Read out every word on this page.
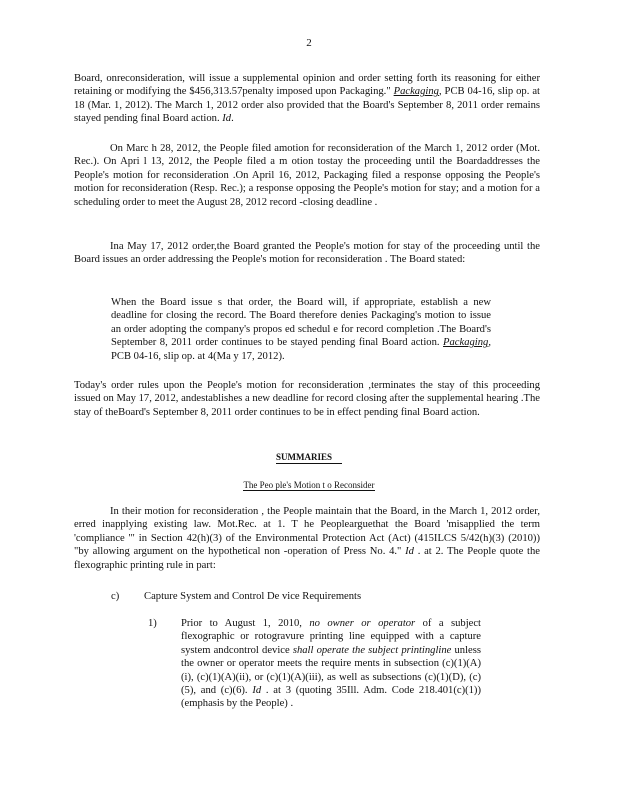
2
Board, onreconsideration, will issue a supplemental opinion and order setting forth its reasoning for either retaining or modifying the $456,313.57penalty imposed upon Packaging." Packaging, PCB 04-16, slip op. at 18 (Mar. 1, 2012). The March 1, 2012 order also provided that the Board's September 8, 2011 order remains stayed pending final Board action. Id.
On Marc h 28, 2012, the People filed amotion for reconsideration of the March 1, 2012 order (Mot. Rec.). On Apri l 13, 2012, the People filed a m otion tostay the proceeding until the Boardaddresses the People's motion for reconsideration .On April 16, 2012, Packaging filed a response opposing the People's motion for reconsideration (Resp. Rec.); a response opposing the People's motion for stay; and a motion for a scheduling order to meet the August 28, 2012 record -closing deadline .
Ina May 17, 2012 order,the Board granted the People's motion for stay of the proceeding until the Board issues an order addressing the People's motion for reconsideration . The Board stated:
When the Board issue s that order, the Board will, if appropriate, establish a new deadline for closing the record. The Board therefore denies Packaging's motion to issue an order adopting the company's propos ed schedul e for record completion .The Board's September 8, 2011 order continues to be stayed pending final Board action. Packaging, PCB 04-16, slip op. at 4(Ma y 17, 2012).
Today's order rules upon the People's motion for reconsideration ,terminates the stay of this proceeding issued on May 17, 2012, andestablishes a new deadline for record closing after the supplemental hearing .The stay of theBoard's September 8, 2011 order continues to be in effect pending final Board action.
SUMMARIES
The Peo ple's Motion t o Reconsider
In their motion for reconsideration , the People maintain that the Board, in the March 1, 2012 order, erred inapplying existing law. Mot.Rec. at 1. T he Peoplearguethat the Board 'misapplied the term 'compliance '" in Section 42(h)(3) of the Environmental Protection Act (Act) (415ILCS 5/42(h)(3) (2010)) "by allowing argument on the hypothetical non -operation of Press No. 4." Id . at 2. The People quote the flexographic printing rule in part:
c) Capture System and Control De vice Requirements
1) Prior to August 1, 2010, no owner or operator of a subject flexographic or rotogravure printing line equipped with a capture system andcontrol device shall operate the subject printingline unless the owner or operator meets the require ments in subsection (c)(1)(A)(i), (c)(1)(A)(ii), or (c)(1)(A)(iii), as well as subsections (c)(1)(D), (c)(5), and (c)(6). Id . at 3 (quoting 35Ill. Adm. Code 218.401(c)(1)) (emphasis by the People) .
